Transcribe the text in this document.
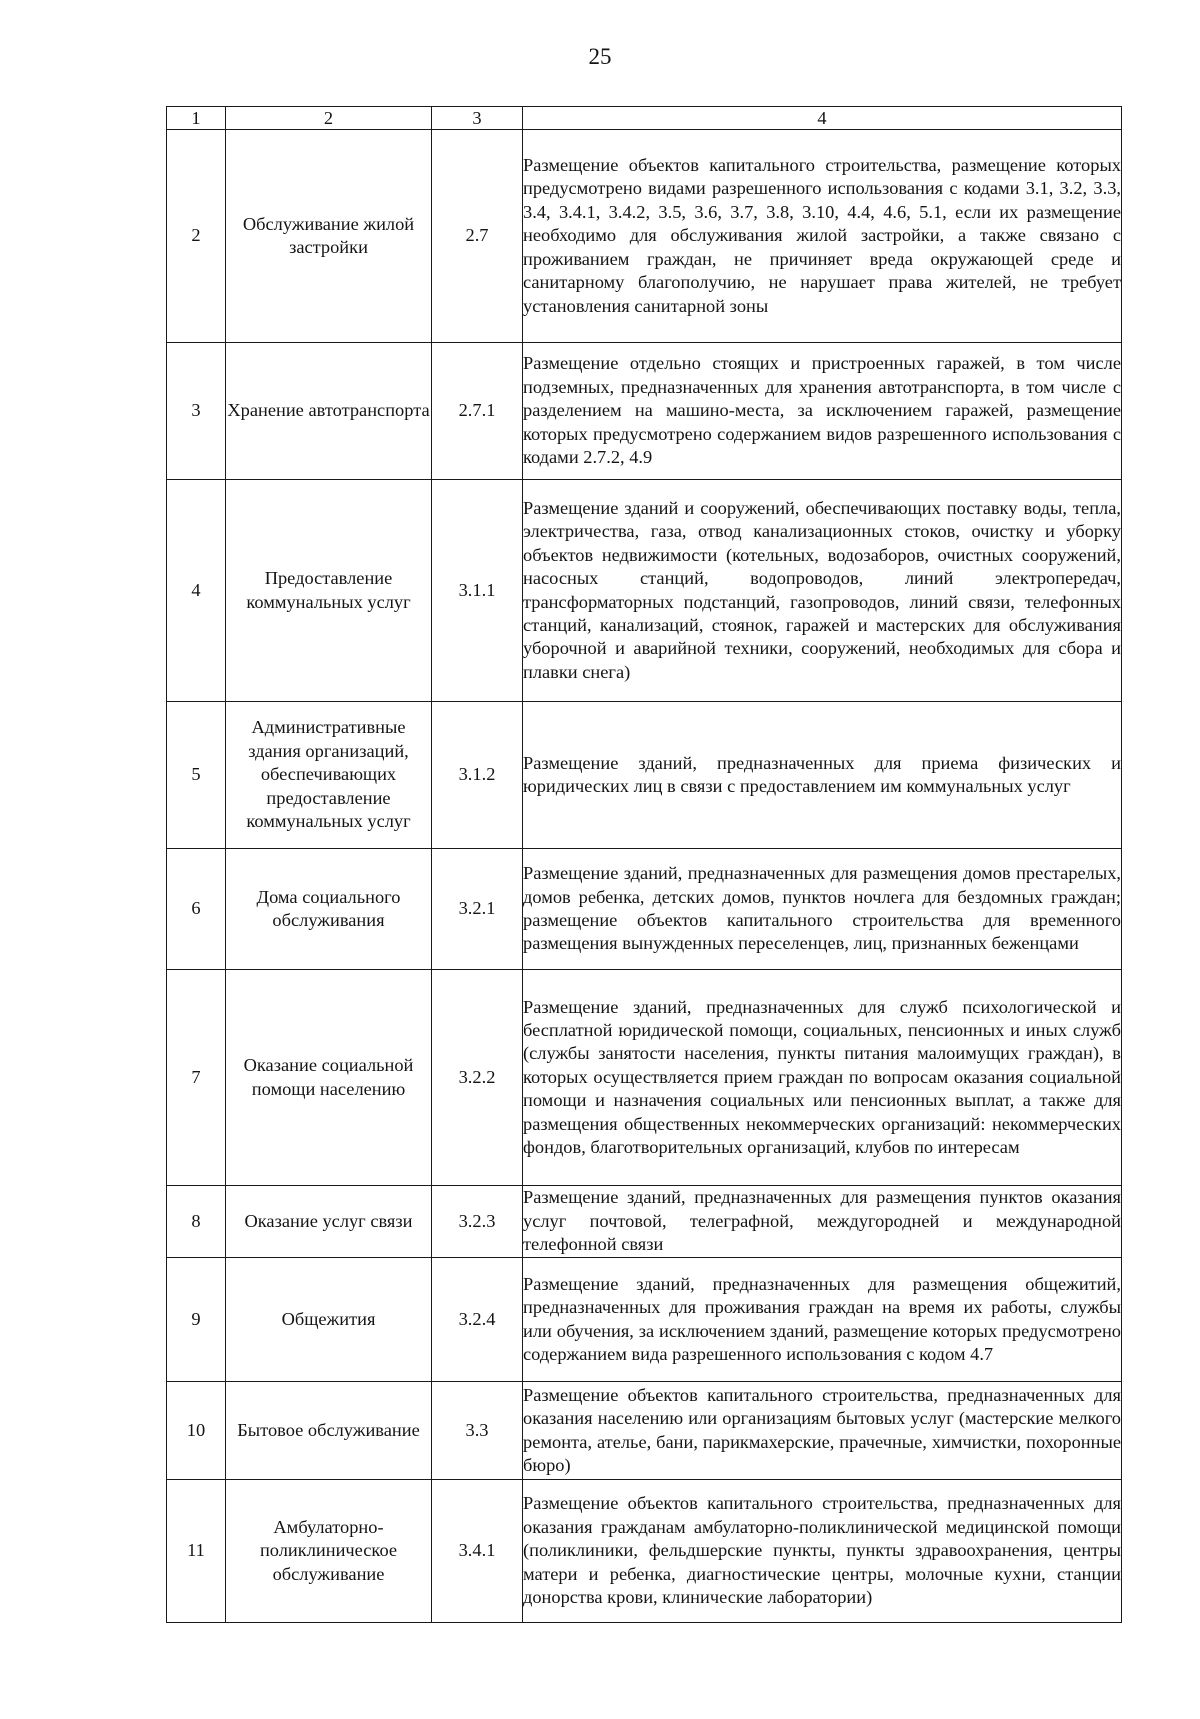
25
1	2	3	4
2	Обслуживание жилой застройки	2.7	Размещение объектов капитального строительства, размещение которых предусмотрено видами разрешенного использования с кодами 3.1, 3.2, 3.3, 3.4, 3.4.1, 3.4.2, 3.5, 3.6, 3.7, 3.8, 3.10, 4.4, 4.6, 5.1, если их размещение необходимо для обслуживания жилой застройки, а также связано с проживанием граждан, не причиняет вреда окружающей среде и санитарному благополучию, не нарушает права жителей, не требует установления санитарной зоны
3	Хранение автотранспорта	2.7.1	Размещение отдельно стоящих и пристроенных гаражей, в том числе подземных, предназначенных для хранения автотранспорта, в том числе с разделением на машино-места, за исключением гаражей, размещение которых предусмотрено содержанием видов разрешенного использования с кодами 2.7.2, 4.9
4	Предоставление коммунальных услуг	3.1.1	Размещение зданий и сооружений, обеспечивающих поставку воды, тепла, электричества, газа, отвод канализационных стоков, очистку и уборку объектов недвижимости (котельных, водозаборов, очистных сооружений, насосных станций, водопроводов, линий электропередач, трансформаторных подстанций, газопроводов, линий связи, телефонных станций, канализаций, стоянок, гаражей и мастерских для обслуживания уборочной и аварийной техники, сооружений, необходимых для сбора и плавки снега)
5	Административные здания организаций, обеспечивающих предоставление коммунальных услуг	3.1.2	Размещение зданий, предназначенных для приема физических и юридических лиц в связи с предоставлением им коммунальных услуг
6	Дома социального обслуживания	3.2.1	Размещение зданий, предназначенных для размещения домов престарелых, домов ребенка, детских домов, пунктов ночлега для бездомных граждан; размещение объектов капитального строительства для временного размещения вынужденных переселенцев, лиц, признанных беженцами
7	Оказание социальной помощи населению	3.2.2	Размещение зданий, предназначенных для служб психологической и бесплатной юридической помощи, социальных, пенсионных и иных служб (службы занятости населения, пункты питания малоимущих граждан), в которых осуществляется прием граждан по вопросам оказания социальной помощи и назначения социальных или пенсионных выплат, а также для размещения общественных некоммерческих организаций: некоммерческих фондов, благотворительных организаций, клубов по интересам
8	Оказание услуг связи	3.2.3	Размещение зданий, предназначенных для размещения пунктов оказания услуг почтовой, телеграфной, междугородней и международной телефонной связи
9	Общежития	3.2.4	Размещение зданий, предназначенных для размещения общежитий, предназначенных для проживания граждан на время их работы, службы или обучения, за исключением зданий, размещение которых предусмотрено содержанием вида разрешенного использования с кодом 4.7
10	Бытовое обслуживание	3.3	Размещение объектов капитального строительства, предназначенных для оказания населению или организациям бытовых услуг (мастерские мелкого ремонта, ателье, бани, парикмахерские, прачечные, химчистки, похоронные бюро)
11	Амбулаторно-поликлиническое обслуживание	3.4.1	Размещение объектов капитального строительства, предназначенных для оказания гражданам амбулаторно-поликлинической медицинской помощи (поликлиники, фельдшерские пункты, пункты здравоохранения, центры матери и ребенка, диагностические центры, молочные кухни, станции донорства крови, клинические лаборатории)
